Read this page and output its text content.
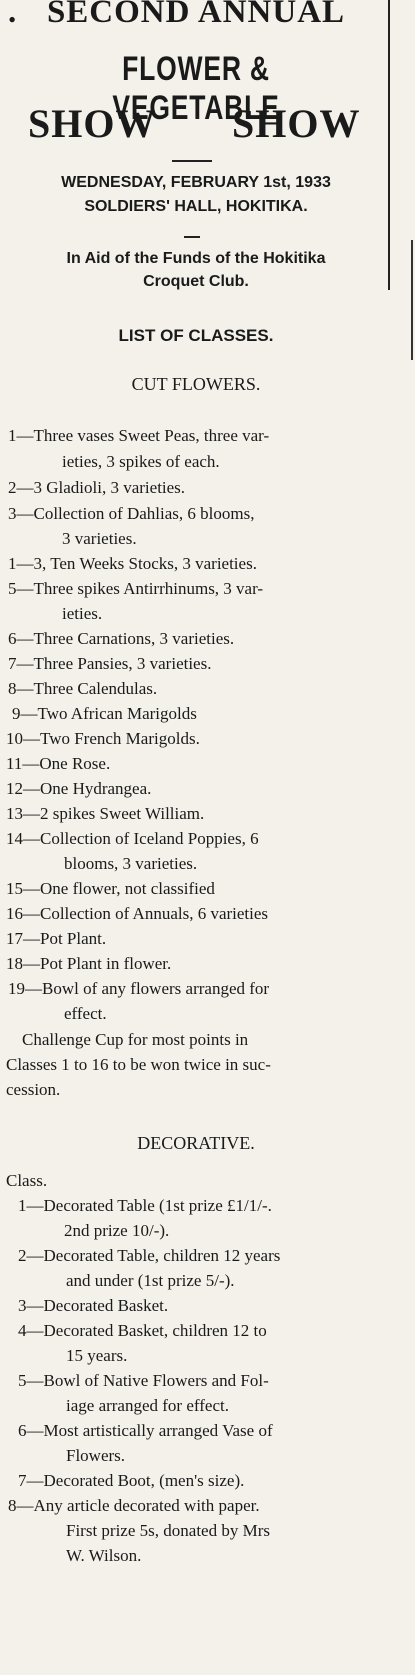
. SECOND ANNUAL
FLOWER & VEGETABLE
SHOW SHOW
WEDNESDAY, FEBRUARY 1st, 1933
SOLDIERS' HALL, HOKITIKA.
In Aid of the Funds of the Hokitika
Croquet Club.
LIST OF CLASSES.
CUT FLOWERS.
1—Three vases Sweet Peas, three var-
ieties, 3 spikes of each.
2—3 Gladioli, 3 varieties.
3—Collection of Dahlias, 6 blooms,
3 varieties.
1—3, Ten Weeks Stocks, 3 varieties.
5—Three spikes Antirrhinums, 3 var-
ieties.
6—Three Carnations, 3 varieties.
7—Three Pansies, 3 varieties.
8—Three Calendulas.
9—Two African Marigolds
10—Two French Marigolds.
11—One Rose.
12—One Hydrangea.
13—2 spikes Sweet William.
14—Collection of Iceland Poppies, 6
blooms, 3 varieties.
15—One flower, not classified
16—Collection of Annuals, 6 varieties
17—Pot Plant.
18—Pot Plant in flower.
19—Bowl of any flowers arranged for
effect.
Challenge Cup for most points in
Classes 1 to 16 to be won twice in suc-
cession.
DECORATIVE.
Class.
1—Decorated Table (1st prize £1/1/-.
2nd prize 10/-).
2—Decorated Table, children 12 years
and under (1st prize 5/-).
3—Decorated Basket.
4—Decorated Basket, children 12 to
15 years.
5—Bowl of Native Flowers and Fol-
iage arranged for effect.
6—Most artistically arranged Vase of
Flowers.
7—Decorated Boot, (men's size).
8—Any article decorated with paper.
First prize 5s, donated by Mrs
W. Wilson.
